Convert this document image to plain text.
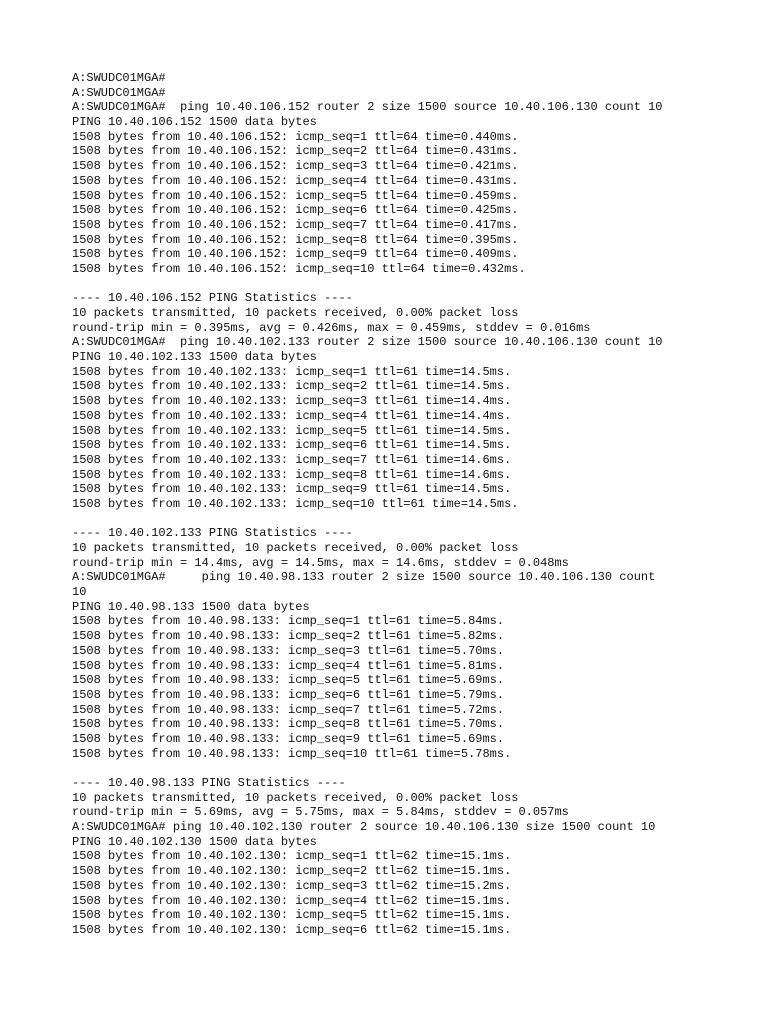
A:SWUDC01MGA#
A:SWUDC01MGA#
A:SWUDC01MGA#  ping 10.40.106.152 router 2 size 1500 source 10.40.106.130 count 10
PING 10.40.106.152 1500 data bytes
1508 bytes from 10.40.106.152: icmp_seq=1 ttl=64 time=0.440ms.
1508 bytes from 10.40.106.152: icmp_seq=2 ttl=64 time=0.431ms.
1508 bytes from 10.40.106.152: icmp_seq=3 ttl=64 time=0.421ms.
1508 bytes from 10.40.106.152: icmp_seq=4 ttl=64 time=0.431ms.
1508 bytes from 10.40.106.152: icmp_seq=5 ttl=64 time=0.459ms.
1508 bytes from 10.40.106.152: icmp_seq=6 ttl=64 time=0.425ms.
1508 bytes from 10.40.106.152: icmp_seq=7 ttl=64 time=0.417ms.
1508 bytes from 10.40.106.152: icmp_seq=8 ttl=64 time=0.395ms.
1508 bytes from 10.40.106.152: icmp_seq=9 ttl=64 time=0.409ms.
1508 bytes from 10.40.106.152: icmp_seq=10 ttl=64 time=0.432ms.
---- 10.40.106.152 PING Statistics ----
10 packets transmitted, 10 packets received, 0.00% packet loss
round-trip min = 0.395ms, avg = 0.426ms, max = 0.459ms, stddev = 0.016ms
A:SWUDC01MGA#  ping 10.40.102.133 router 2 size 1500 source 10.40.106.130 count 10
PING 10.40.102.133 1500 data bytes
1508 bytes from 10.40.102.133: icmp_seq=1 ttl=61 time=14.5ms.
1508 bytes from 10.40.102.133: icmp_seq=2 ttl=61 time=14.5ms.
1508 bytes from 10.40.102.133: icmp_seq=3 ttl=61 time=14.4ms.
1508 bytes from 10.40.102.133: icmp_seq=4 ttl=61 time=14.4ms.
1508 bytes from 10.40.102.133: icmp_seq=5 ttl=61 time=14.5ms.
1508 bytes from 10.40.102.133: icmp_seq=6 ttl=61 time=14.5ms.
1508 bytes from 10.40.102.133: icmp_seq=7 ttl=61 time=14.6ms.
1508 bytes from 10.40.102.133: icmp_seq=8 ttl=61 time=14.6ms.
1508 bytes from 10.40.102.133: icmp_seq=9 ttl=61 time=14.5ms.
1508 bytes from 10.40.102.133: icmp_seq=10 ttl=61 time=14.5ms.
---- 10.40.102.133 PING Statistics ----
10 packets transmitted, 10 packets received, 0.00% packet loss
round-trip min = 14.4ms, avg = 14.5ms, max = 14.6ms, stddev = 0.048ms
A:SWUDC01MGA#     ping 10.40.98.133 router 2 size 1500 source 10.40.106.130 count
10
PING 10.40.98.133 1500 data bytes
1508 bytes from 10.40.98.133: icmp_seq=1 ttl=61 time=5.84ms.
1508 bytes from 10.40.98.133: icmp_seq=2 ttl=61 time=5.82ms.
1508 bytes from 10.40.98.133: icmp_seq=3 ttl=61 time=5.70ms.
1508 bytes from 10.40.98.133: icmp_seq=4 ttl=61 time=5.81ms.
1508 bytes from 10.40.98.133: icmp_seq=5 ttl=61 time=5.69ms.
1508 bytes from 10.40.98.133: icmp_seq=6 ttl=61 time=5.79ms.
1508 bytes from 10.40.98.133: icmp_seq=7 ttl=61 time=5.72ms.
1508 bytes from 10.40.98.133: icmp_seq=8 ttl=61 time=5.70ms.
1508 bytes from 10.40.98.133: icmp_seq=9 ttl=61 time=5.69ms.
1508 bytes from 10.40.98.133: icmp_seq=10 ttl=61 time=5.78ms.
---- 10.40.98.133 PING Statistics ----
10 packets transmitted, 10 packets received, 0.00% packet loss
round-trip min = 5.69ms, avg = 5.75ms, max = 5.84ms, stddev = 0.057ms
A:SWUDC01MGA# ping 10.40.102.130 router 2 source 10.40.106.130 size 1500 count 10
PING 10.40.102.130 1500 data bytes
1508 bytes from 10.40.102.130: icmp_seq=1 ttl=62 time=15.1ms.
1508 bytes from 10.40.102.130: icmp_seq=2 ttl=62 time=15.1ms.
1508 bytes from 10.40.102.130: icmp_seq=3 ttl=62 time=15.2ms.
1508 bytes from 10.40.102.130: icmp_seq=4 ttl=62 time=15.1ms.
1508 bytes from 10.40.102.130: icmp_seq=5 ttl=62 time=15.1ms.
1508 bytes from 10.40.102.130: icmp_seq=6 ttl=62 time=15.1ms.
